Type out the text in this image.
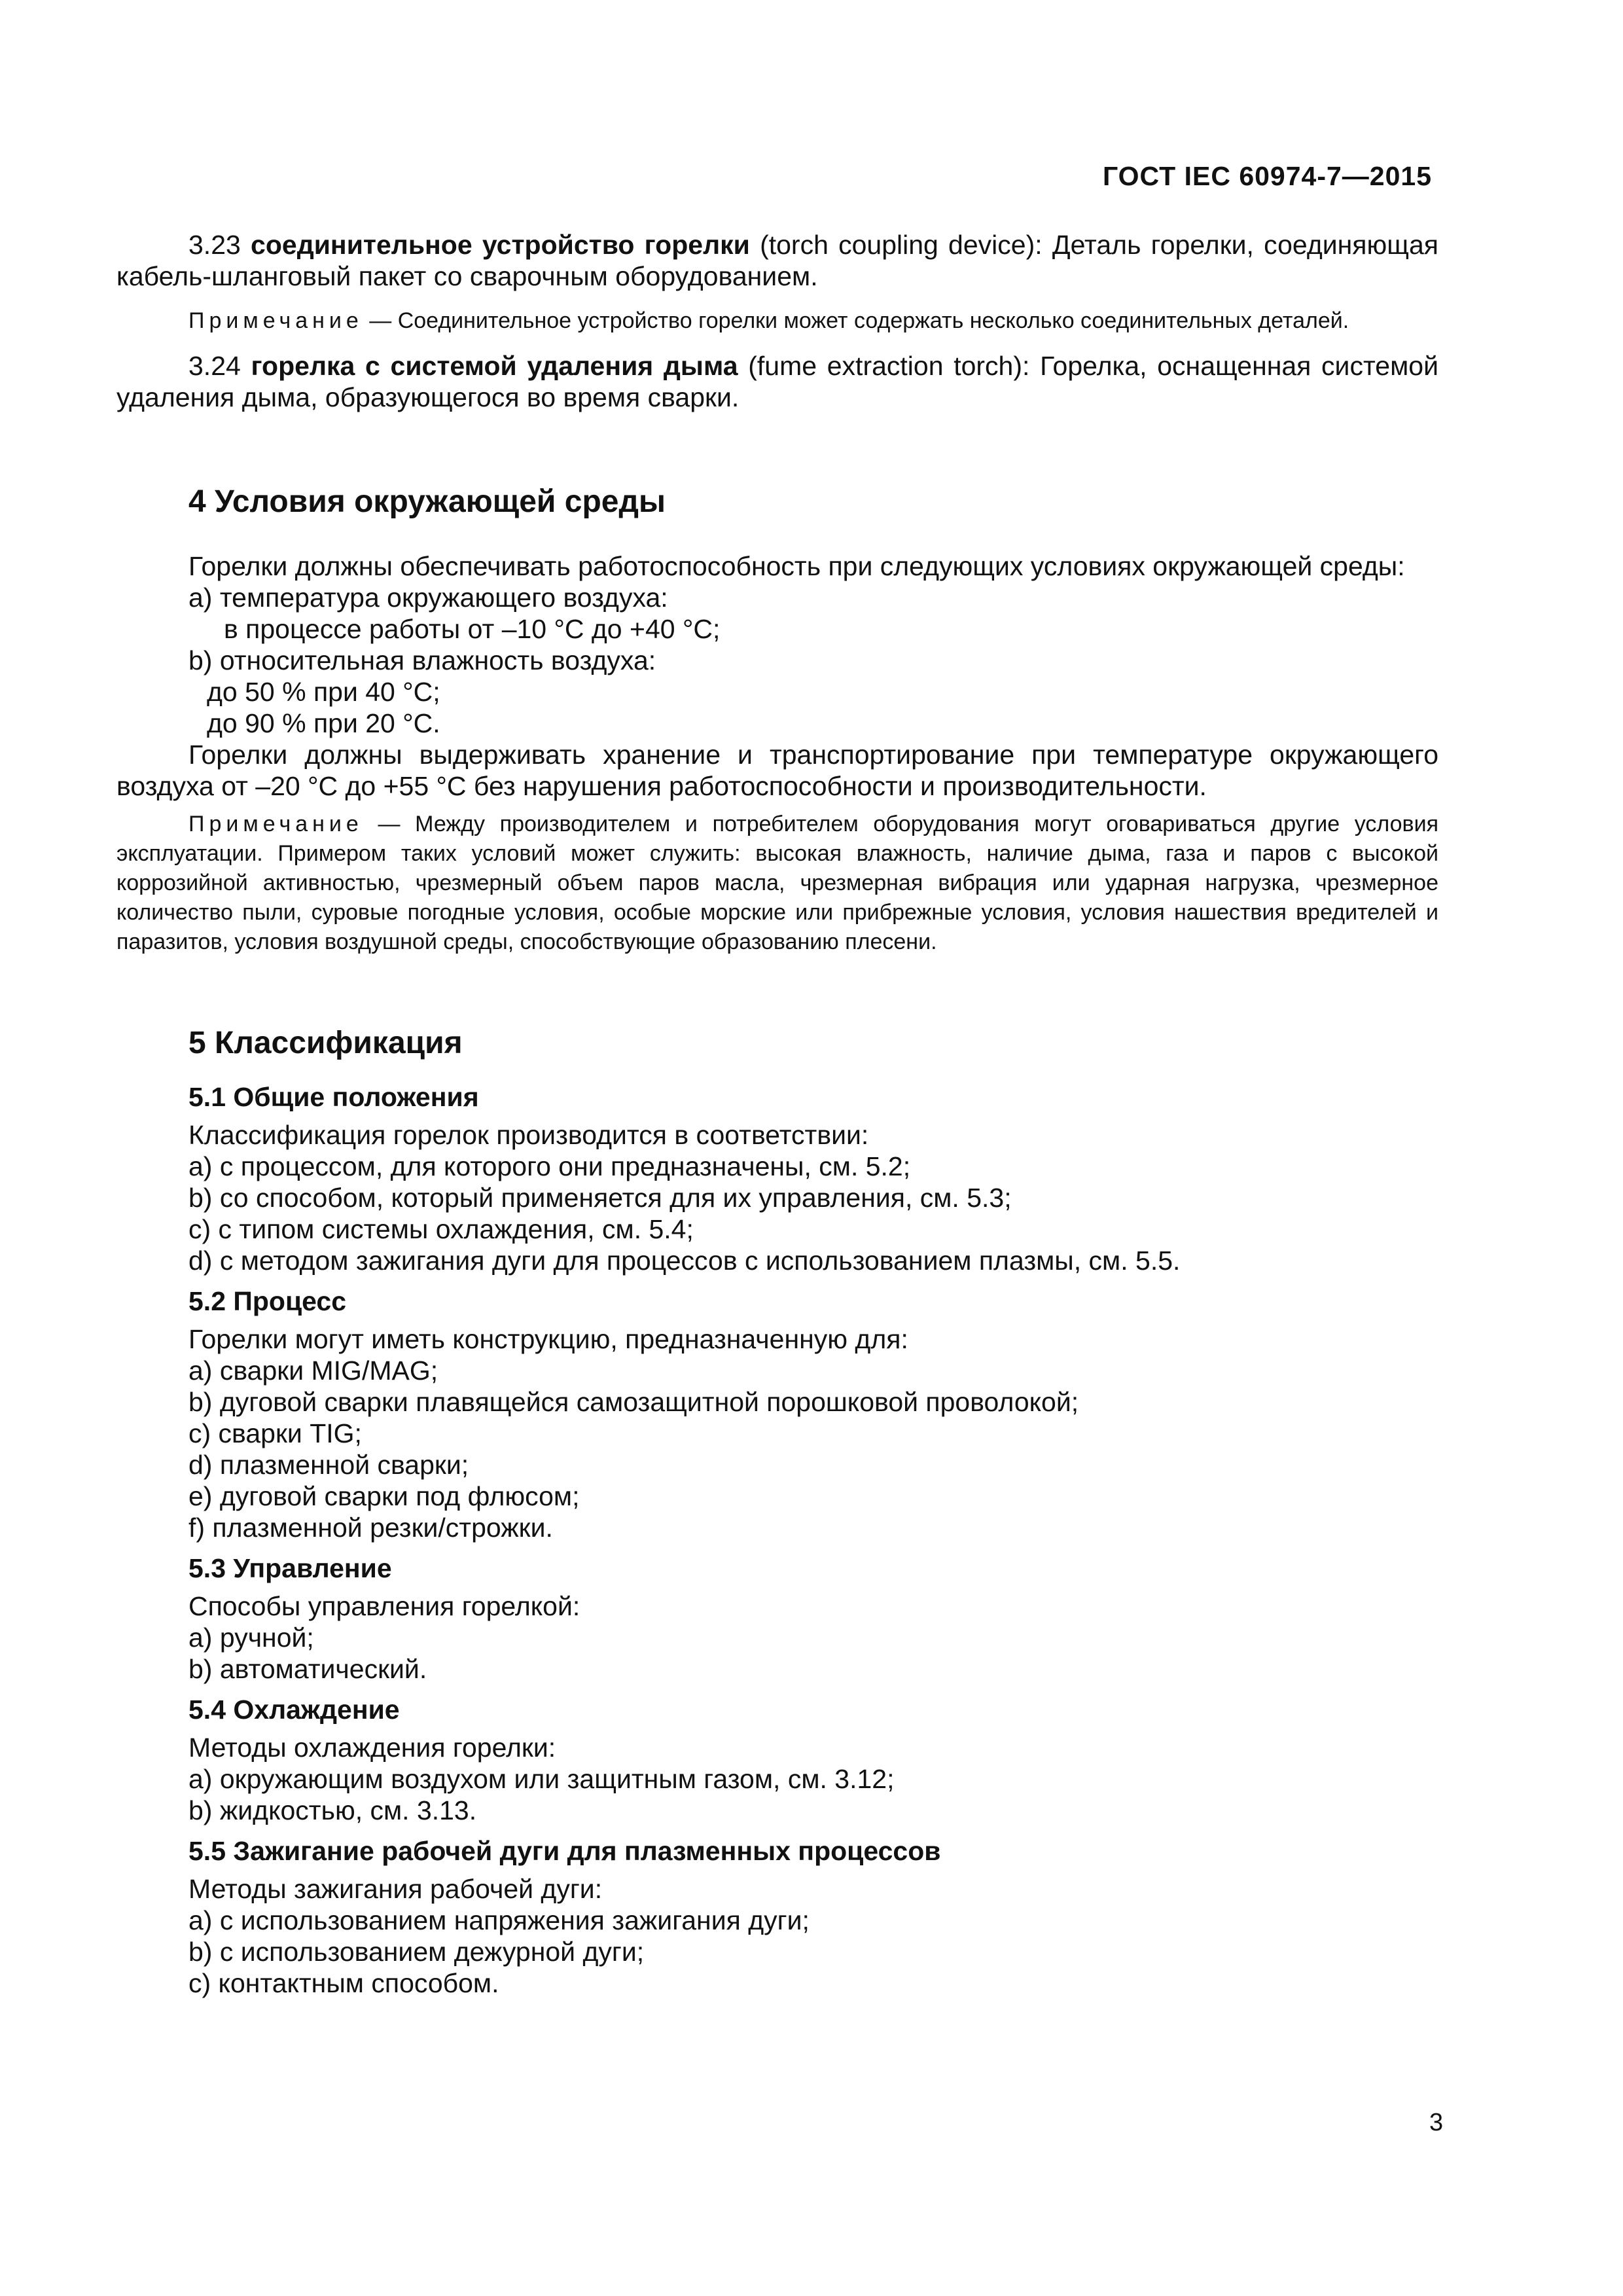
ГОСТ IEC 60974-7—2015

3.23 соединительное устройство горелки (torch coupling device): Деталь горелки, соединяющая кабель-шланговый пакет со сварочным оборудованием.

Примечание — Соединительное устройство горелки может содержать несколько соединительных деталей.

3.24 горелка с системой удаления дыма (fume extraction torch): Горелка, оснащенная системой удаления дыма, образующегося во время сварки.

4 Условия окружающей среды

Горелки должны обеспечивать работоспособность при следующих условиях окружающей среды:

a) температура окружающего воздуха:

в процессе работы от –10 °C до +40 °C;

b) относительная влажность воздуха:

до 50 % при 40 °C;

до 90 % при 20 °C.

Горелки должны выдерживать хранение и транспортирование при температуре окружающего воздуха от –20 °C до +55 °C без нарушения работоспособности и производительности.

Примечание — Между производителем и потребителем оборудования могут оговариваться другие условия эксплуатации. Примером таких условий может служить: высокая влажность, наличие дыма, газа и паров с высокой коррозийной активностью, чрезмерный объем паров масла, чрезмерная вибрация или ударная нагрузка, чрезмерное количество пыли, суровые погодные условия, особые морские или прибрежные условия, условия нашествия вредителей и паразитов, условия воздушной среды, способствующие образованию плесени.

5 Классификация
5.1 Общие положения

Классификация горелок производится в соответствии:

a) с процессом, для которого они предназначены, см. 5.2;

b) со способом, который применяется для их управления, см. 5.3;

c) с типом системы охлаждения, см. 5.4;

d) с методом зажигания дуги для процессов с использованием плазмы, см. 5.5.

5.2 Процесс

Горелки могут иметь конструкцию, предназначенную для:

a) сварки MIG/MAG;

b) дуговой сварки плавящейся самозащитной порошковой проволокой;

c) сварки TIG;

d) плазменной сварки;

e) дуговой сварки под флюсом;

f) плазменной резки/строжки.

5.3 Управление

Способы управления горелкой:

a) ручной;

b) автоматический.

5.4 Охлаждение

Методы охлаждения горелки:

a) окружающим воздухом или защитным газом, см. 3.12;

b) жидкостью, см. 3.13.

5.5 Зажигание рабочей дуги для плазменных процессов

Методы зажигания рабочей дуги:

a) с использованием напряжения зажигания дуги;

b) с использованием дежурной дуги;

c) контактным способом.

3
